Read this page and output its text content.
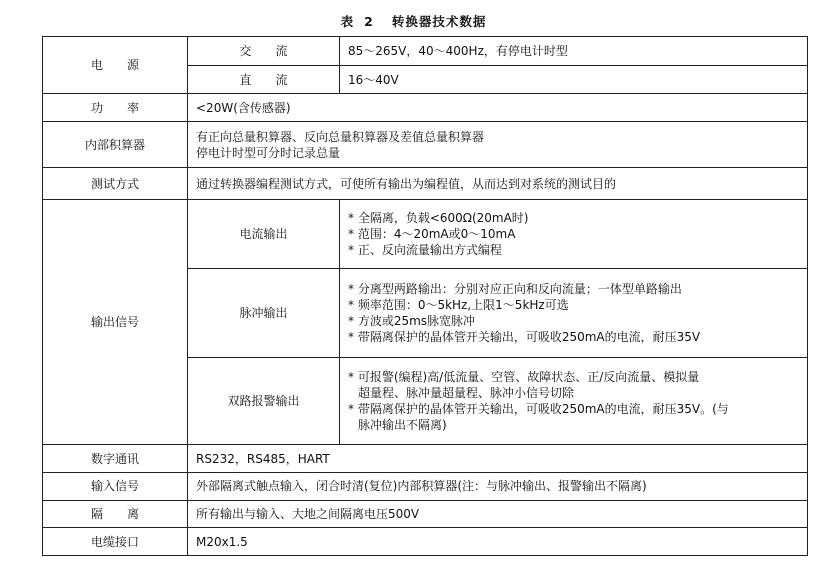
表 2 转换器技术数据
电　　源	交　　流	85～265V，40～400Hz，有停电计时型
	直　　流	16～40V
功　　率	<20W(含传感器)	
内部积算器	有正向总量积算器、反向总量积算器及差值总量积算器
停电计时型可分时记录总量	

测试方式	通过转换器编程测试方式，可使所有输出为编程值，从而达到对系统的测试目的	
输出信号	电流输出	* 全隔离，负载<600Ω(20mA时)
* 范围：4～20mA或0～10mA
* 正、反向流量输出方式编程

	脉冲输出	* 分离型两路输出：分别对应正向和反向流量；一体型单路输出
* 频率范围：0～5kHz,上限1～5kHz可选
* 方波或25ms脉宽脉冲
* 带隔离保护的晶体管开关输出，可吸收250mA的电流，耐压35V

	双路报警输出	* 可报警(编程)高/低流量、空管、故障状态、正/反向流量、模拟量
超量程、脉冲量超量程、脉冲小信号切除
* 带隔离保护的晶体管开关输出，可吸收250mA的电流，耐压35V。(与
脉冲输出不隔离)

数字通讯	RS232，RS485，HART	
输入信号	外部隔离式触点输入，闭合时清(复位)内部积算器(注：与脉冲输出、报警输出不隔离)	
隔　　离	所有输出与输入、大地之间隔离电压500V	
电缆接口	M20x1.5	
